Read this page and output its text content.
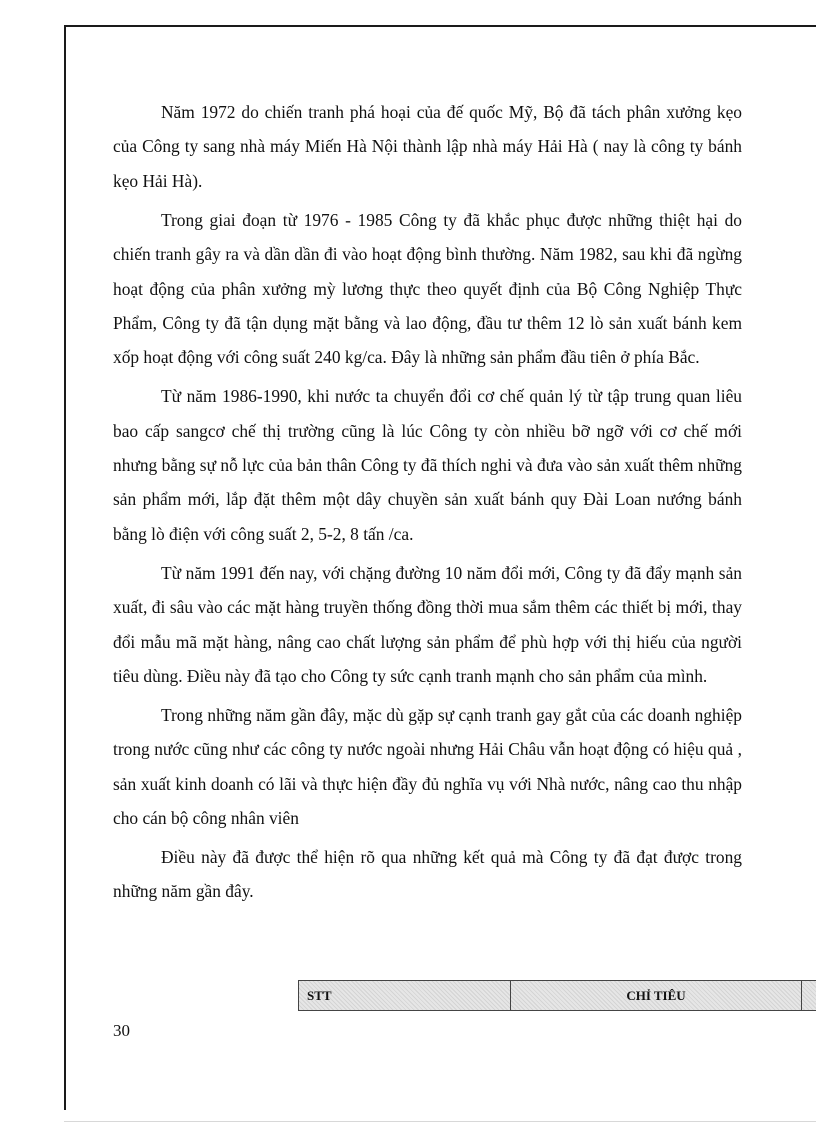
Năm 1972 do chiến tranh phá hoại của đế quốc Mỹ, Bộ đã tách phân xưởng kẹo của Công ty sang nhà máy Miến Hà Nội thành lập nhà máy Hải Hà ( nay là công ty bánh kẹo Hải Hà).

Trong giai đoạn từ 1976 - 1985 Công ty đã khắc phục được những thiệt hại do chiến tranh gây ra và dần dần đi vào hoạt động bình thường. Năm 1982, sau khi đã ngừng hoạt động của phân xưởng mỳ lương thực theo quyết định của Bộ Công Nghiệp Thực Phẩm, Công ty đã tận dụng mặt bằng và lao động, đầu tư thêm 12 lò sản xuất bánh kem xốp hoạt động với công suất 240 kg/ca. Đây là những sản phẩm đầu tiên ở phía Bắc.

Từ năm 1986-1990, khi nước ta chuyển đổi cơ chế quản lý từ tập trung quan liêu bao cấp sangcơ chế thị trường cũng là lúc Công ty còn nhiều bỡ ngỡ với cơ chế mới nhưng bằng sự nỗ lực của bản thân Công ty đã thích nghi và đưa vào sản xuất thêm những sản phẩm mới, lắp đặt thêm một dây chuyền sản xuất bánh quy Đài Loan nướng bánh bằng lò điện với công suất 2, 5-2, 8 tấn /ca.

Từ năm 1991 đến nay, với chặng đường 10 năm đổi mới, Công ty đã đẩy mạnh sản xuất, đi sâu vào các mặt hàng truyền thống đồng thời mua sắm thêm các thiết bị mới, thay đổi mẫu mã mặt hàng, nâng cao chất lượng sản phẩm để phù hợp với thị hiếu của người tiêu dùng. Điều này đã tạo cho Công ty sức cạnh tranh mạnh cho sản phẩm của mình.

Trong những năm gần đây, mặc dù gặp sự cạnh tranh gay gắt của các doanh nghiệp trong nước cũng như các công ty nước ngoài nhưng Hải Châu vẫn hoạt động có hiệu quả , sản xuất kinh doanh có lãi và thực hiện đầy đủ nghĩa vụ với Nhà nước, nâng cao thu nhập cho cán bộ công nhân viên

Điều này đã được thể hiện rõ qua những kết quả mà Công ty đã đạt được trong những năm gần đây.

STT	CHỈ TIÊU
30
